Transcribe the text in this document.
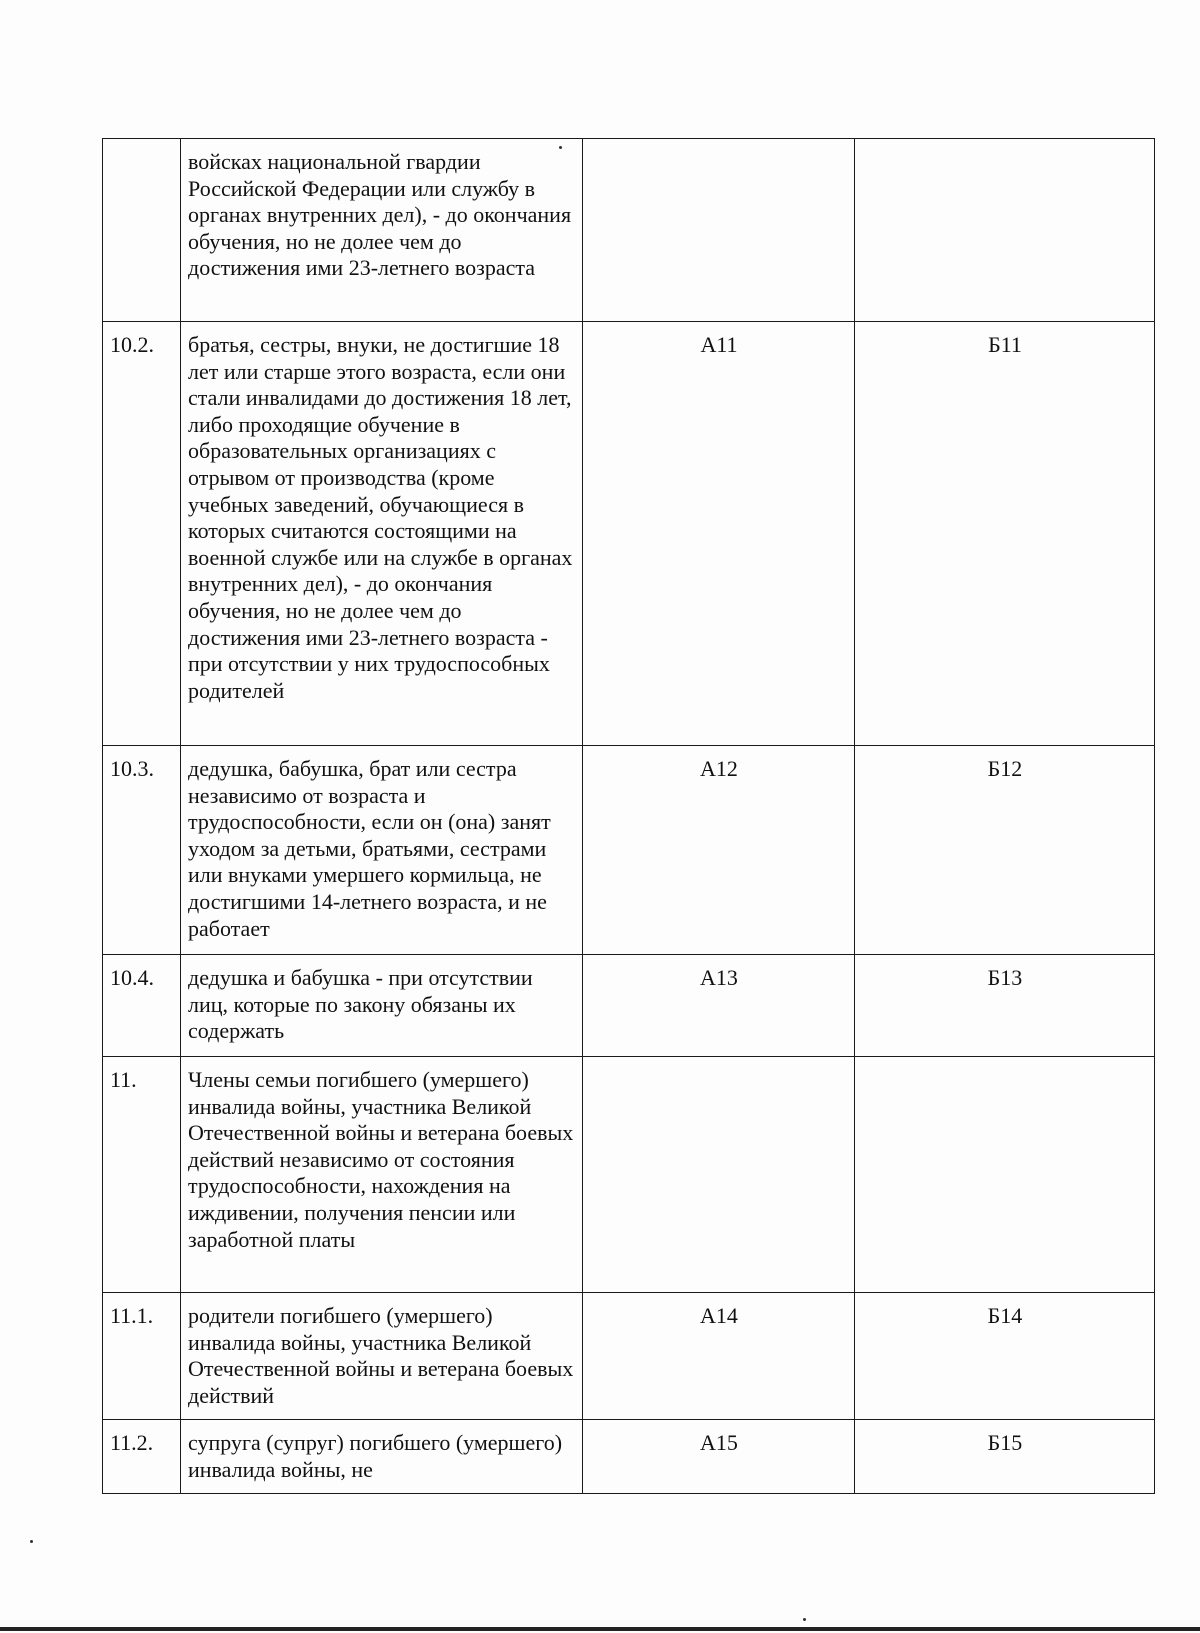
	войсках национальной гвардии Российской Федерации или службу в органах внутренних дел), - до окончания обучения, но не долее чем до достижения ими 23-летнего возраста		
10.2.	братья, сестры, внуки, не достигшие 18 лет или старше этого возраста, если они стали инвалидами до достижения 18 лет, либо проходящие обучение в образовательных организациях с отрывом от производства (кроме учебных заведений, обучающиеся в которых считаются состоящими на военной службе или на службе в органах внутренних дел), - до окончания обучения, но не долее чем до достижения ими 23-летнего возраста - при отсутствии у них трудоспособных родителей	А11	Б11
10.3.	дедушка, бабушка, брат или сестра независимо от возраста и трудоспособности, если он (она) занят уходом за детьми, братьями, сестрами или внуками умершего кормильца, не достигшими 14-летнего возраста, и не работает	А12	Б12
10.4.	дедушка и бабушка - при отсутствии лиц, которые по закону обязаны их содержать	А13	Б13
11.	Члены семьи погибшего (умершего) инвалида войны, участника Великой Отечественной войны и ветерана боевых действий независимо от состояния трудоспособности, нахождения на иждивении, получения пенсии или заработной платы		
11.1.	родители погибшего (умершего) инвалида войны, участника Великой Отечественной войны и ветерана боевых действий	А14	Б14
11.2.	супруга (супруг) погибшего (умершего) инвалида войны, не	А15	Б15
